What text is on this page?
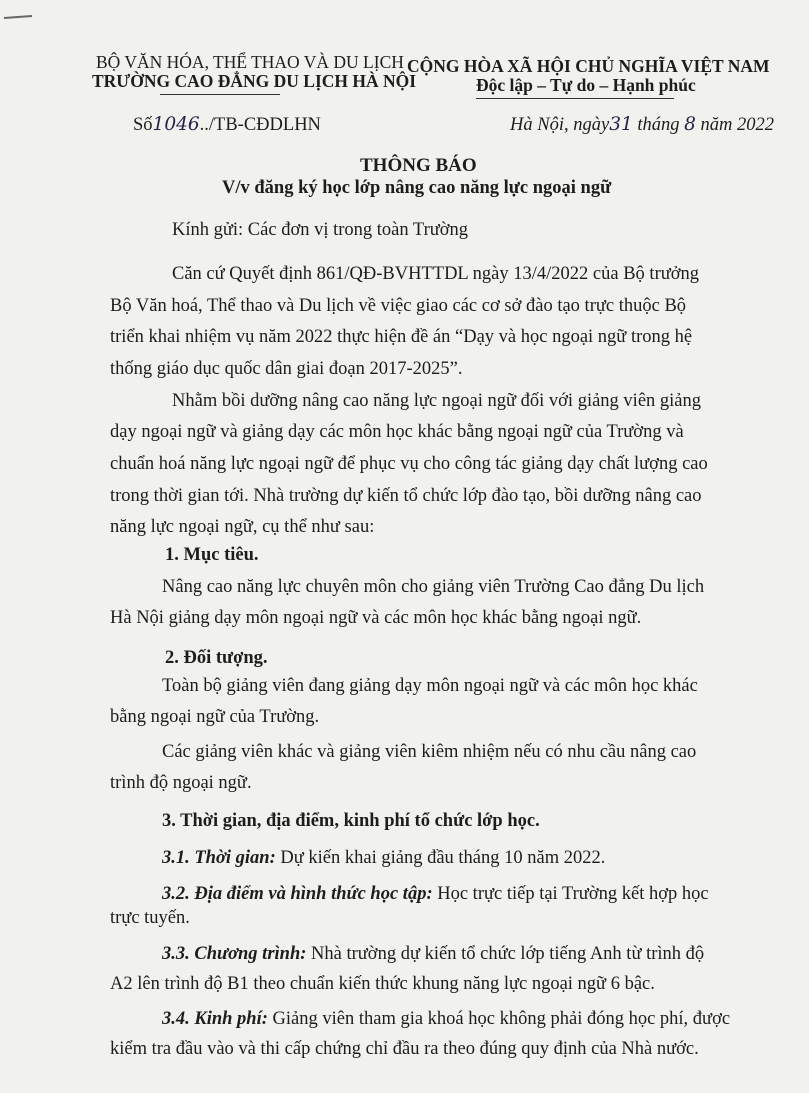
BỘ VĂN HÓA, THỂ THAO VÀ DU LỊCH
TRƯỜNG CAO ĐẲNG DU LỊCH HÀ NỘI
CỘNG HÒA XÃ HỘI CHỦ NGHĨA VIỆT NAM
Độc lập – Tự do – Hạnh phúc
Số1046../TB-CĐDLHN	Hà Nội, ngày31 tháng 8 năm 2022
THÔNG BÁO
V/v đăng ký học lớp nâng cao năng lực ngoại ngữ
Kính gửi: Các đơn vị trong toàn Trường
Căn cứ Quyết định 861/QĐ-BVHTTDL ngày 13/4/2022 của Bộ trưởng
Bộ Văn hoá, Thể thao và Du lịch về việc giao các cơ sở đào tạo trực thuộc Bộ
triển khai nhiệm vụ năm 2022 thực hiện đề án “Dạy và học ngoại ngữ trong hệ
thống giáo dục quốc dân giai đoạn 2017-2025”.
Nhằm bồi dưỡng nâng cao năng lực ngoại ngữ đối với giảng viên giảng
dạy ngoại ngữ và giảng dạy các môn học khác bằng ngoại ngữ của Trường và
chuẩn hoá năng lực ngoại ngữ để phục vụ cho công tác giảng dạy chất lượng cao
trong thời gian tới. Nhà trường dự kiến tổ chức lớp đào tạo, bồi dưỡng nâng cao
năng lực ngoại ngữ, cụ thể như sau:
1. Mục tiêu.
Nâng cao năng lực chuyên môn cho giảng viên Trường Cao đẳng Du lịch
Hà Nội giảng dạy môn ngoại ngữ và các môn học khác bằng ngoại ngữ.
2. Đối tượng.
Toàn bộ giảng viên đang giảng dạy môn ngoại ngữ và các môn học khác
bằng ngoại ngữ của Trường.
Các giảng viên khác và giảng viên kiêm nhiệm nếu có nhu cầu nâng cao
trình độ ngoại ngữ.
3. Thời gian, địa điểm, kinh phí tổ chức lớp học.
3.1. Thời gian: Dự kiến khai giảng đầu tháng 10 năm 2022.
3.2. Địa điểm và hình thức học tập: Học trực tiếp tại Trường kết hợp học
trực tuyến.
3.3. Chương trình: Nhà trường dự kiến tổ chức lớp tiếng Anh từ trình độ
A2 lên trình độ B1 theo chuẩn kiến thức khung năng lực ngoại ngữ 6 bậc.
3.4. Kinh phí: Giảng viên tham gia khoá học không phải đóng học phí, được
kiểm tra đầu vào và thi cấp chứng chỉ đầu ra theo đúng quy định của Nhà nước.
